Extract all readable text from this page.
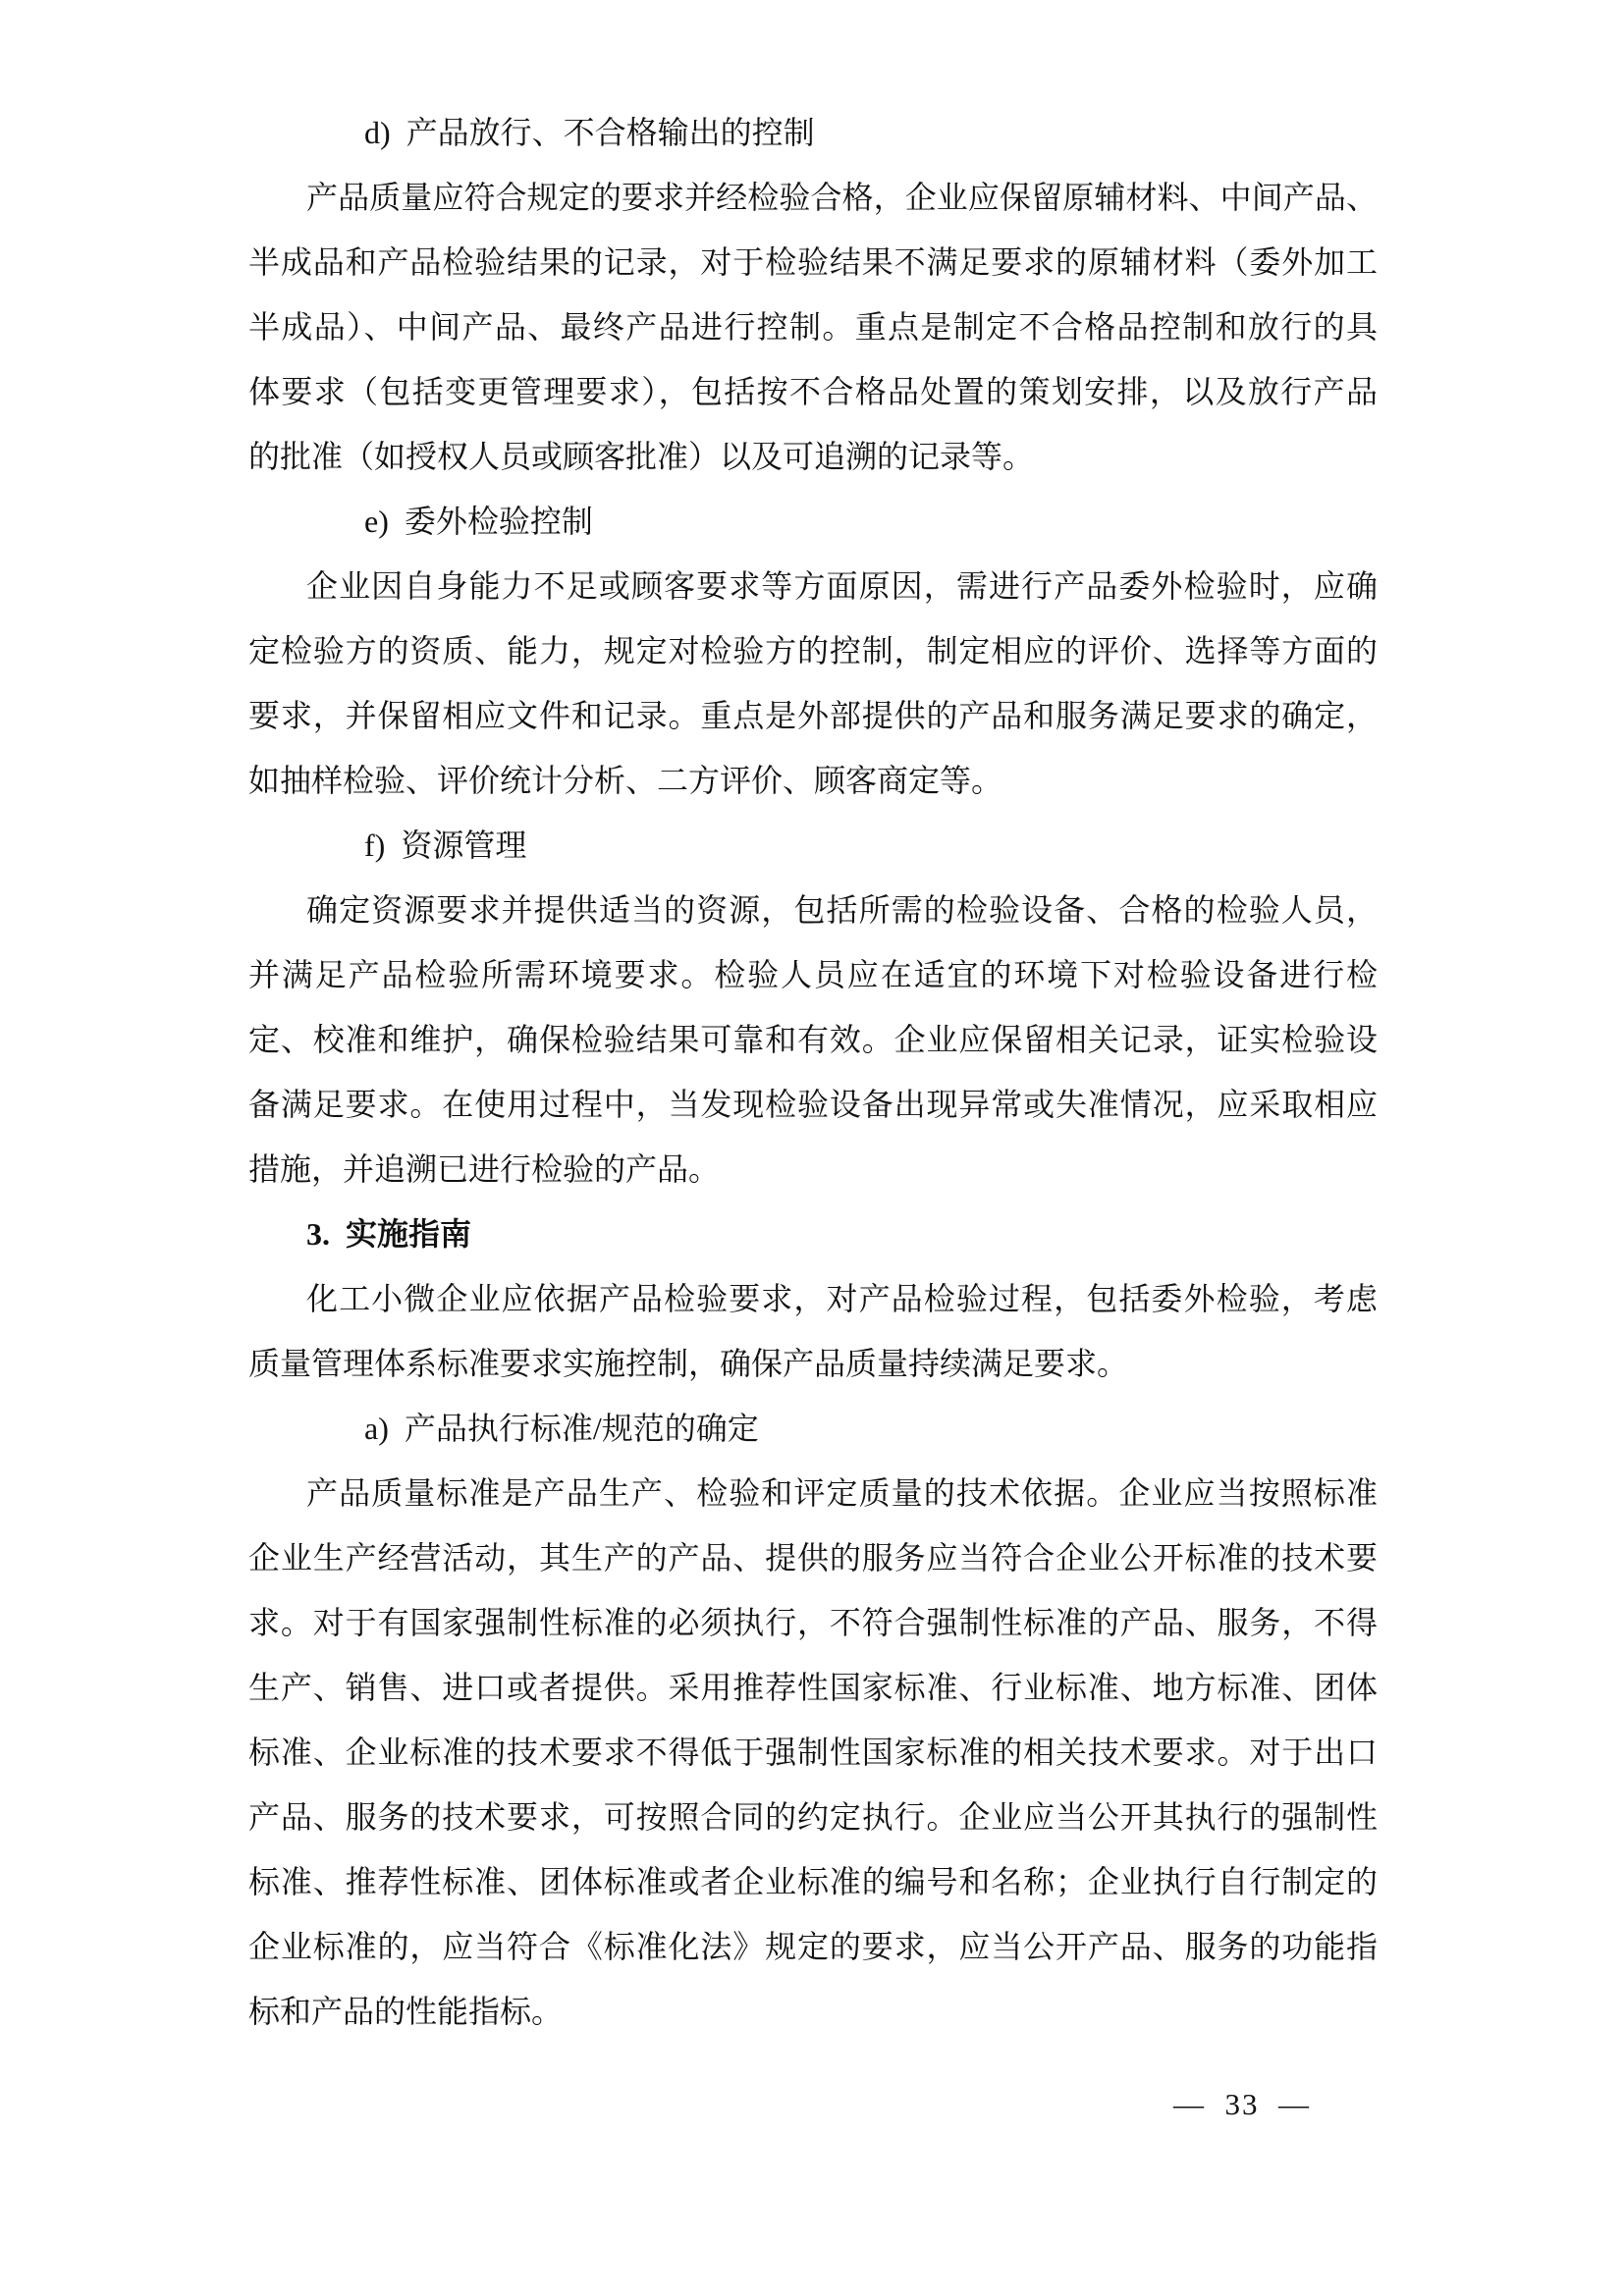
d)  产品放行、不合格输出的控制
产品质量应符合规定的要求并经检验合格，企业应保留原辅材料、中间产品、
半成品和产品检验结果的记录，对于检验结果不满足要求的原辅材料（委外加工
半成品）、中间产品、最终产品进行控制。重点是制定不合格品控制和放行的具
体要求（包括变更管理要求），包括按不合格品处置的策划安排，以及放行产品
的批准（如授权人员或顾客批准）以及可追溯的记录等。
e)  委外检验控制
企业因自身能力不足或顾客要求等方面原因，需进行产品委外检验时，应确
定检验方的资质、能力，规定对检验方的控制，制定相应的评价、选择等方面的
要求，并保留相应文件和记录。重点是外部提供的产品和服务满足要求的确定，
如抽样检验、评价统计分析、二方评价、顾客商定等。
f)  资源管理
确定资源要求并提供适当的资源，包括所需的检验设备、合格的检验人员，
并满足产品检验所需环境要求。检验人员应在适宜的环境下对检验设备进行检
定、校准和维护，确保检验结果可靠和有效。企业应保留相关记录，证实检验设
备满足要求。在使用过程中，当发现检验设备出现异常或失准情况，应采取相应
措施，并追溯已进行检验的产品。
3.  实施指南
化工小微企业应依据产品检验要求，对产品检验过程，包括委外检验，考虑
质量管理体系标准要求实施控制，确保产品质量持续满足要求。
a)  产品执行标准/规范的确定
产品质量标准是产品生产、检验和评定质量的技术依据。企业应当按照标准
企业生产经营活动，其生产的产品、提供的服务应当符合企业公开标准的技术要
求。对于有国家强制性标准的必须执行，不符合强制性标准的产品、服务，不得
生产、销售、进口或者提供。采用推荐性国家标准、行业标准、地方标准、团体
标准、企业标准的技术要求不得低于强制性国家标准的相关技术要求。对于出口
产品、服务的技术要求，可按照合同的约定执行。企业应当公开其执行的强制性
标准、推荐性标准、团体标准或者企业标准的编号和名称；企业执行自行制定的
企业标准的，应当符合《标准化法》规定的要求，应当公开产品、服务的功能指
标和产品的性能指标。
— 33 —
